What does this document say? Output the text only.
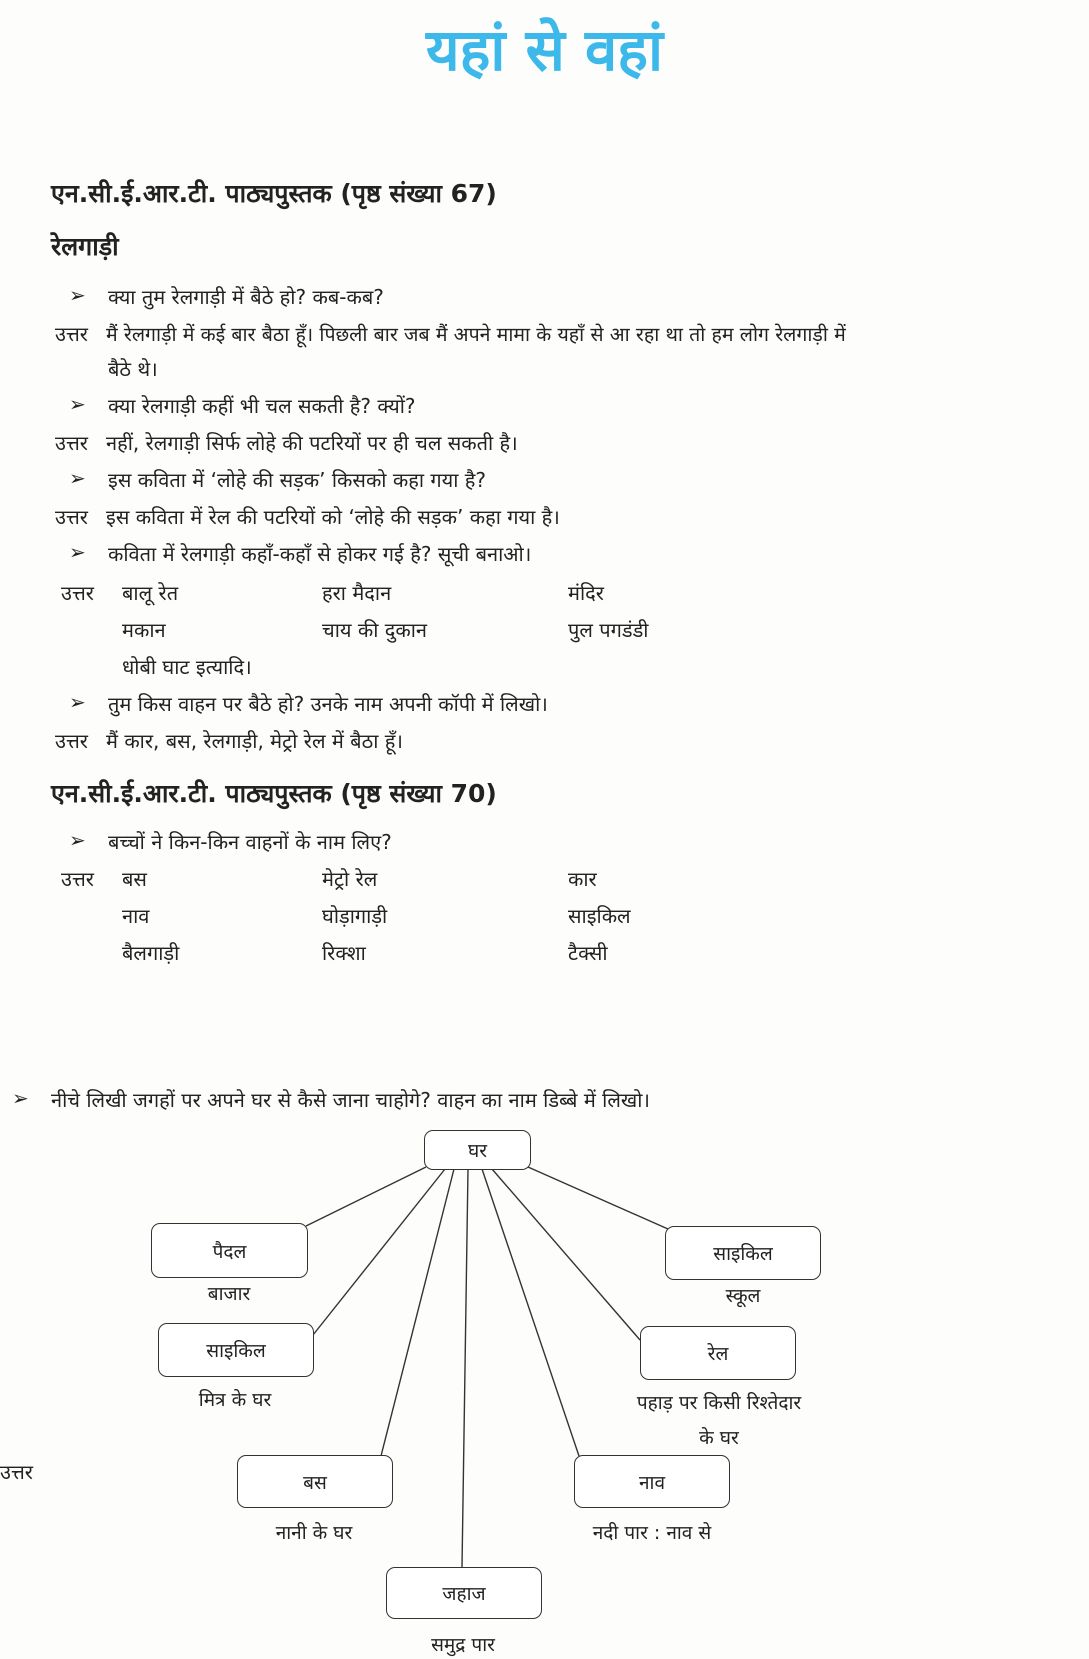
यहां से वहां
एन.सी.ई.आर.टी. पाठ्यपुस्तक (पृष्ठ संख्या 67)
रेलगाड़ी
➢ क्या तुम रेलगाड़ी में बैठे हो? कब-कब?
उत्तर मैं रेलगाड़ी में कई बार बैठा हूँ। पिछली बार जब मैं अपने मामा के यहाँ से आ रहा था तो हम लोग रेलगाड़ी में
बैठे थे।
➢ क्या रेलगाड़ी कहीं भी चल सकती है? क्यों?
उत्तर नहीं, रेलगाड़ी सिर्फ लोहे की पटरियों पर ही चल सकती है।
➢ इस कविता में ‘लोहे की सड़क’ किसको कहा गया है?
उत्तर इस कविता में रेल की पटरियों को ‘लोहे की सड़क’ कहा गया है।
➢ कविता में रेलगाड़ी कहाँ-कहाँ से होकर गई है? सूची बनाओ।
उत्तर बालू रेत	हरा मैदान	मंदिर
मकान	चाय की दुकान	पुल पगडंडी
धोबी घाट इत्यादि।
➢ तुम किस वाहन पर बैठे हो? उनके नाम अपनी कॉपी में लिखो।
उत्तर मैं कार, बस, रेलगाड़ी, मेट्रो रेल में बैठा हूँ।
एन.सी.ई.आर.टी. पाठ्यपुस्तक (पृष्ठ संख्या 70)
➢ बच्चों ने किन-किन वाहनों के नाम लिए?
उत्तर बस	मेट्रो रेल	कार
नाव	घोड़ागाड़ी	साइकिल
बैलगाड़ी	रिक्शा	टैक्सी
➢ नीचे लिखी जगहों पर अपने घर से कैसे जाना चाहोगे? वाहन का नाम डिब्बे में लिखो।
उत्तर
घर
पैदल
बाजार
साइकिल
स्कूल
साइकिल
मित्र के घर
रेल
पहाड़ पर किसी रिश्तेदार
के घर
बस
नानी के घर
नाव
नदी पार : नाव से
जहाज
समुद्र पार
